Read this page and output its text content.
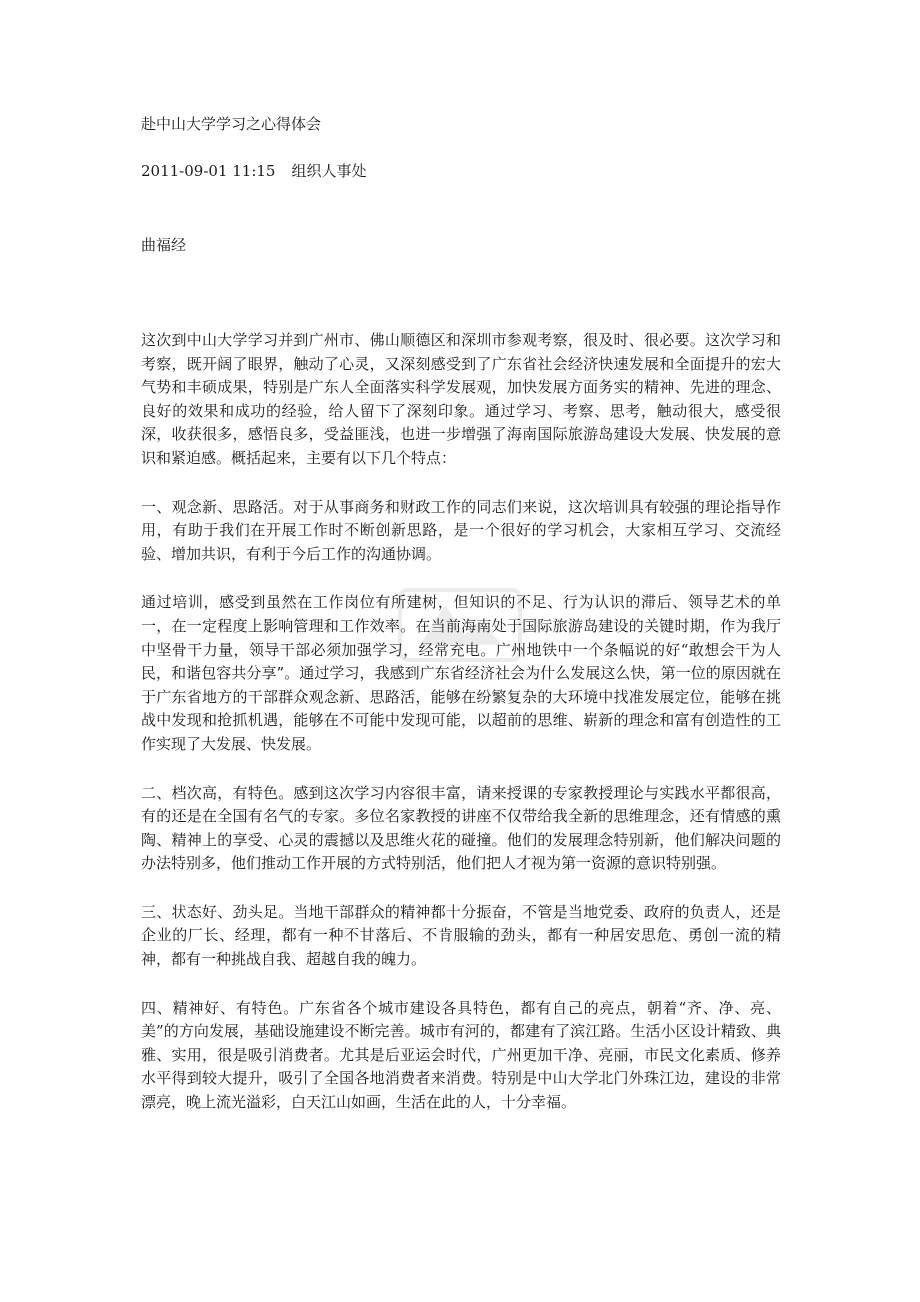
赴中山大学学习之心得体会
2011-09-01 11:15 组织人事处
曲福经

这次到中山大学学习并到广州市、佛山顺德区和深圳市参观考察，很及时、很必要。这次学习和考察，既开阔了眼界，触动了心灵，又深刻感受到了广东省社会经济快速发展和全面提升的宏大气势和丰硕成果，特别是广东人全面落实科学发展观，加快发展方面务实的精神、先进的理念、良好的效果和成功的经验，给人留下了深刻印象。通过学习、考察、思考，触动很大，感受很深，收获很多，感悟良多，受益匪浅，也进一步增强了海南国际旅游岛建设大发展、快发展的意识和紧迫感。概括起来，主要有以下几个特点：

一、观念新、思路活。对于从事商务和财政工作的同志们来说，这次培训具有较强的理论指导作用，有助于我们在开展工作时不断创新思路，是一个很好的学习机会，大家相互学习、交流经验、增加共识，有利于今后工作的沟通协调。

通过培训，感受到虽然在工作岗位有所建树，但知识的不足、行为认识的滞后、领导艺术的单一，在一定程度上影响管理和工作效率。在当前海南处于国际旅游岛建设的关键时期，作为我厅中坚骨干力量，领导干部必须加强学习，经常充电。广州地铁中一个条幅说的好“敢想会干为人民，和谐包容共分享”。通过学习，我感到广东省经济社会为什么发展这么快，第一位的原因就在于广东省地方的干部群众观念新、思路活，能够在纷繁复杂的大环境中找准发展定位，能够在挑战中发现和抢抓机遇，能够在不可能中发现可能，以超前的思维、崭新的理念和富有创造性的工作实现了大发展、快发展。

二、档次高，有特色。感到这次学习内容很丰富，请来授课的专家教授理论与实践水平都很高，有的还是在全国有名气的专家。多位名家教授的讲座不仅带给我全新的思维理念，还有情感的熏陶、精神上的享受、心灵的震撼以及思维火花的碰撞。他们的发展理念特别新，他们解决问题的办法特别多，他们推动工作开展的方式特别活，他们把人才视为第一资源的意识特别强。

三、状态好、劲头足。当地干部群众的精神都十分振奋，不管是当地党委、政府的负责人，还是企业的厂长、经理，都有一种不甘落后、不肯服输的劲头，都有一种居安思危、勇创一流的精神，都有一种挑战自我、超越自我的魄力。

四、精神好、有特色。广东省各个城市建设各具特色，都有自己的亮点，朝着“齐、净、亮、美”的方向发展，基础设施建设不断完善。城市有河的，都建有了滨江路。生活小区设计精致、典雅、实用，很是吸引消费者。尤其是后亚运会时代，广州更加干净、亮丽，市民文化素质、修养水平得到较大提升，吸引了全国各地消费者来消费。特别是中山大学北门外珠江边，建设的非常漂亮，晚上流光溢彩，白天江山如画，生活在此的人，十分幸福。
